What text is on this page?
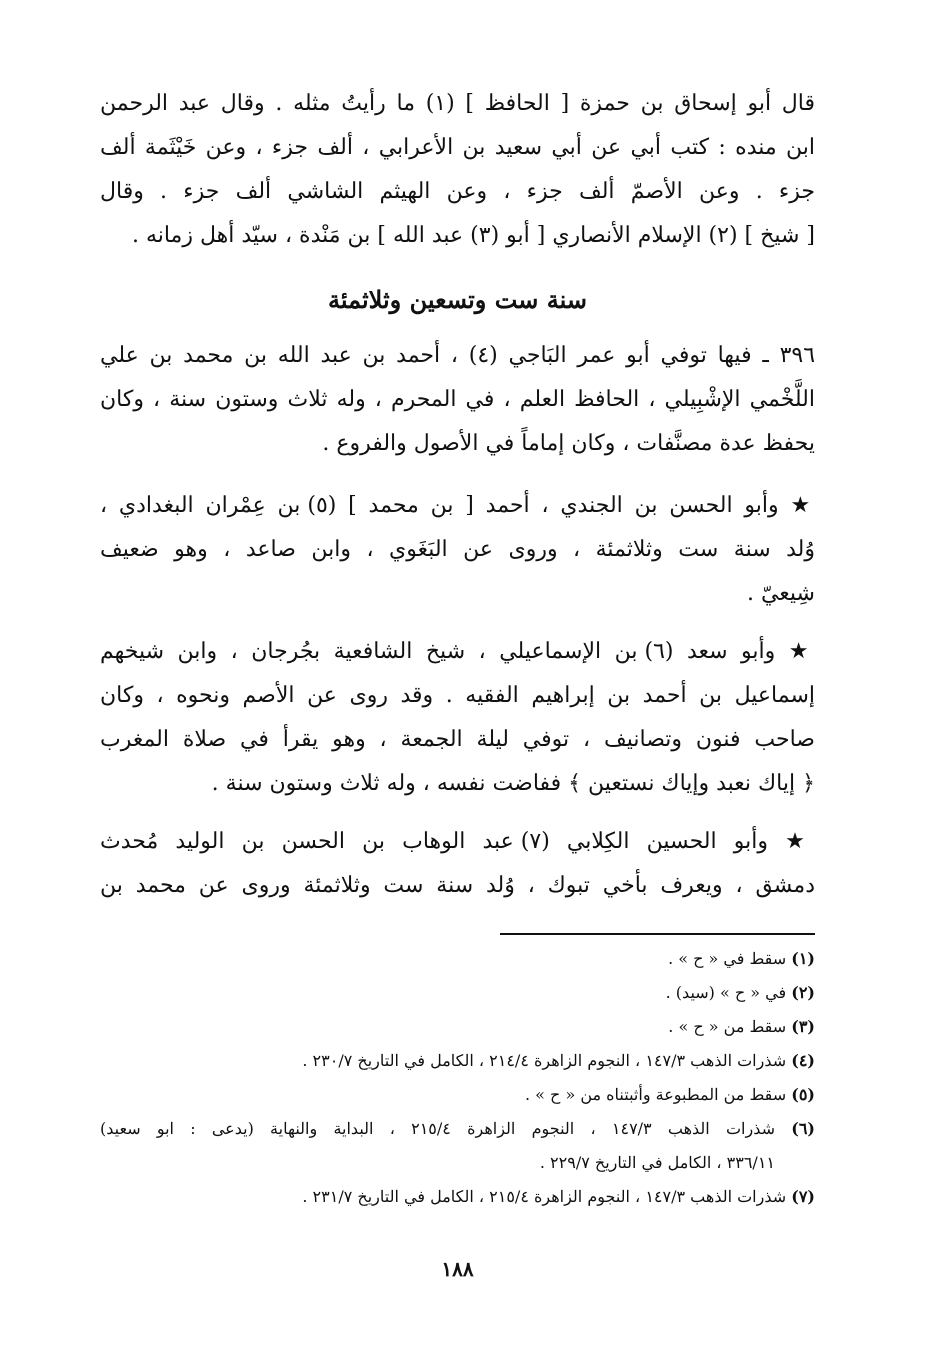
قال أبو إسحاق بن حمزة [ الحافظ ] (١) ما رأيتُ مثله . وقال عبد الرحمن
ابن منده : كتب أبي عن أبي سعيد بن الأعرابي ، ألف جزء ، وعن خَيْثَمة ألف
جزء . وعن الأصمّ ألف جزء ، وعن الهيثم الشاشي ألف جزء . وقال
[ شيخ ] (٢) الإسلام الأنصاري [ أبو (٣) عبد الله ] بن مَنْدة ، سيّد أهل زمانه .
سنة ست وتسعين وثلاثمئة
٣٩٦ ـ فيها توفي أبو عمر البَاجي (٤) ، أحمد بن عبد الله بن محمد بن علي
اللَّخْمي الإشْبِيلي ، الحافظ العلم ، في المحرم ، وله ثلاث وستون سنة ، وكان
يحفظ عدة مصنَّفات ، وكان إماماً في الأصول والفروع .
★ وأبو الحسن بن الجندي ، أحمد [ بن محمد ] (٥) بن عِمْران البغدادي ،
وُلد سنة ست وثلاثمئة ، وروى عن البَغَوي ، وابن صاعد ، وهو ضعيف
شِيعيّ .
★ وأبو سعد (٦) بن الإسماعيلي ، شيخ الشافعية بجُرجان ، وابن شيخهم
إسماعيل بن أحمد بن إبراهيم الفقيه . وقد روى عن الأصم ونحوه ، وكان
صاحب فنون وتصانيف ، توفي ليلة الجمعة ، وهو يقرأ في صلاة المغرب
﴿ إياك نعبد وإياك نستعين ﴾ ففاضت نفسه ، وله ثلاث وستون سنة .
★ وأبو الحسين الكِلابي (٧) عبد الوهاب بن الحسن بن الوليد مُحدث
دمشق ، ويعرف بأخي تبوك ، وُلد سنة ست وثلاثمئة وروى عن محمد بن
(١) سقط في « ح » .
(٢) في « ح » (سيد) .
(٣) سقط من « ح » .
(٤) شذرات الذهب ١٤٧/٣ ، النجوم الزاهرة ٢١٤/٤ ، الكامل في التاريخ ٢٣٠/٧ .
(٥) سقط من المطبوعة وأثبتناه من « ح » .
(٦) شذرات الذهب ١٤٧/٣ ، النجوم الزاهرة ٢١٥/٤ ، البداية والنهاية (يدعى : ابو سعيد)
٣٣٦/١١ ، الكامل في التاريخ ٢٢٩/٧ .
(٧) شذرات الذهب ١٤٧/٣ ، النجوم الزاهرة ٢١٥/٤ ، الكامل في التاريخ ٢٣١/٧ .
١٨٨
